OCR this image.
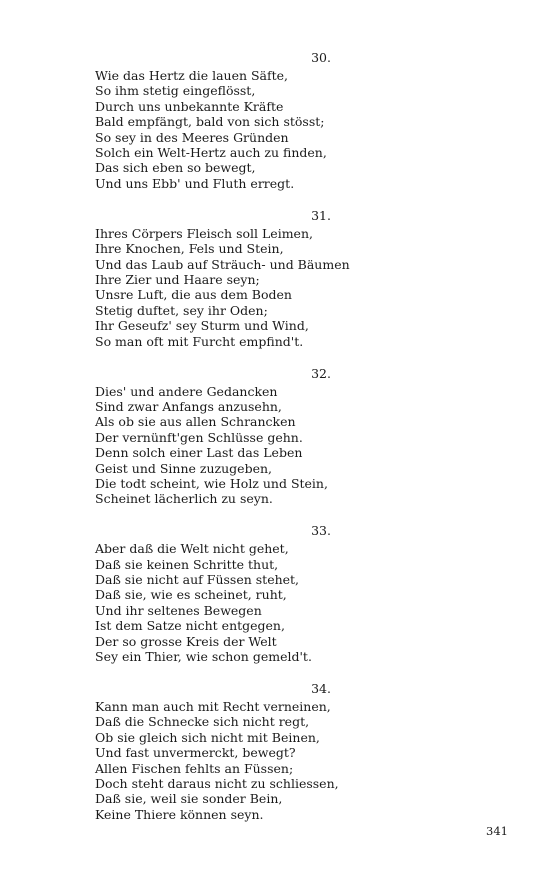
30.
Wie das Hertz die lauen Säfte,
So ihm stetig eingeflösst,
Durch uns unbekannte Kräfte
Bald empfängt, bald von sich stösst;
So sey in des Meeres Gründen
Solch ein Welt-Hertz auch zu finden,
Das sich eben so bewegt,
Und uns Ebb' und Fluth erregt.
31.
Ihres Cörpers Fleisch soll Leimen,
Ihre Knochen, Fels und Stein,
Und das Laub auf Sträuch- und Bäumen
Ihre Zier und Haare seyn;
Unsre Luft, die aus dem Boden
Stetig duftet, sey ihr Oden;
Ihr Geseufz' sey Sturm und Wind,
So man oft mit Furcht empfind't.
32.
Dies' und andere Gedancken
Sind zwar Anfangs anzusehn,
Als ob sie aus allen Schrancken
Der vernünft'gen Schlüsse gehn.
Denn solch einer Last das Leben
Geist und Sinne zuzugeben,
Die todt scheint, wie Holz und Stein,
Scheinet lächerlich zu seyn.
33.
Aber daß die Welt nicht gehet,
Daß sie keinen Schritte thut,
Daß sie nicht auf Füssen stehet,
Daß sie, wie es scheinet, ruht,
Und ihr seltenes Bewegen
Ist dem Satze nicht entgegen,
Der so grosse Kreis der Welt
Sey ein Thier, wie schon gemeld't.
34.
Kann man auch mit Recht verneinen,
Daß die Schnecke sich nicht regt,
Ob sie gleich sich nicht mit Beinen,
Und fast unvermerckt, bewegt?
Allen Fischen fehlts an Füssen;
Doch steht daraus nicht zu schliessen,
Daß sie, weil sie sonder Bein,
Keine Thiere können seyn.
341
